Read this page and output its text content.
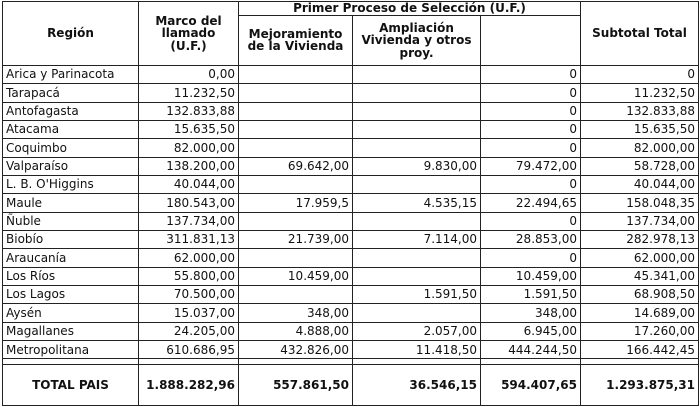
Región	Marco del llamado (U.F.)	Primer Proceso de Selección (U.F.)			Subtotal Total	
		Mejoramiento de la Vivienda	Ampliación Vivienda y otros proy.			
Arica y Parinacota	0,00			0	0	
Tarapacá	11.232,50			0	11.232,50	
Antofagasta	132.833,88			0	132.833,88	
Atacama	15.635,50			0	15.635,50	
Coquimbo	82.000,00			0	82.000,00	
Valparaíso	138.200,00	69.642,00	9.830,00	79.472,00	58.728,00	
L. B. O'Higgins	40.044,00			0	40.044,00	
Maule	180.543,00	17.959,5	4.535,15	22.494,65	158.048,35	
Ñuble	137.734,00			0	137.734,00	
Biobío	311.831,13	21.739,00	7.114,00	28.853,00	282.978,13	
Araucanía	62.000,00			0	62.000,00	
Los Ríos	55.800,00	10.459,00		10.459,00	45.341,00	
Los Lagos	70.500,00		1.591,50	1.591,50	68.908,50	
Aysén	15.037,00	348,00		348,00	14.689,00	
Magallanes	24.205,00	4.888,00	2.057,00	6.945,00	17.260,00	
Metropolitana	610.686,95	432.826,00	11.418,50	444.244,50	166.442,45	

TOTAL PAIS	1.888.282,96	557.861,50	36.546,15	594.407,65	1.293.875,31	
